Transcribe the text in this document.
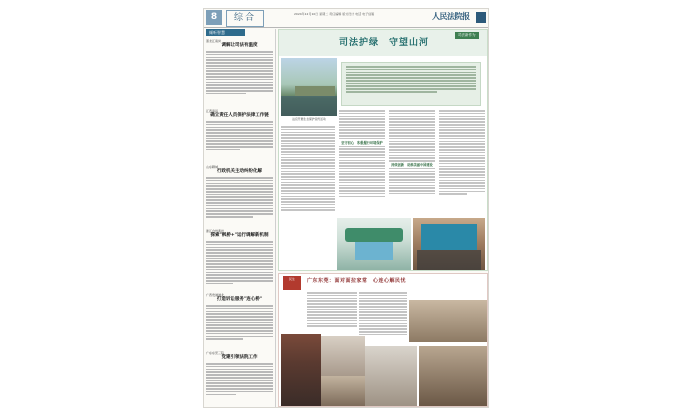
8	综合	2024年12月10日 星期二 责任编辑 版式设计 电话 电子信箱	人民法院报
倾听智慧
黑龙江南岗
调解让司法有温度
江西南昌
确立责任人员保护法律工作链
山东聊城
行政机关主动纠纷化解
浙江台州黄岩
探索"枫桥+"运行调解新机制
广西贵港港北
打造诉讼服务"连心桥"
广东东莞三院
党建引领法院工作
司法新作为
司法护绿　守望山河
法官开展生态保护宣传活动
坚守初心　积极履行环境保护
持续创新　助推美丽中国建设
广东东莞：面对面拉家常　心连心解民忧
民生
